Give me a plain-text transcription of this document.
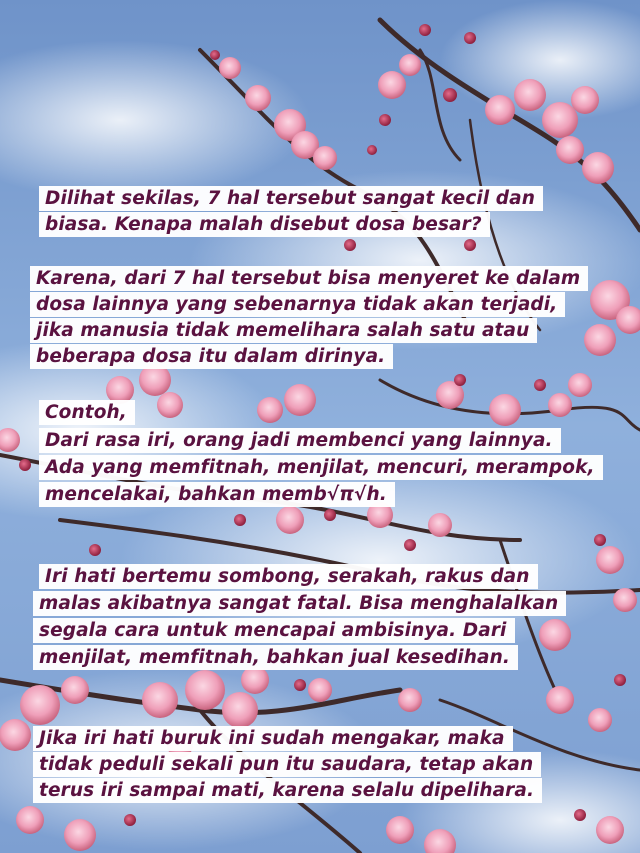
Dilihat sekilas, 7 hal tersebut sangat kecil dan
biasa. Kenapa malah disebut dosa besar?
Karena, dari 7 hal tersebut bisa menyeret ke dalam
dosa lainnya yang sebenarnya tidak akan terjadi,
jika manusia tidak memelihara salah satu atau
beberapa dosa itu dalam dirinya.
Contoh,
Dari rasa iri, orang jadi membenci yang lainnya.
Ada yang memfitnah, menjilat, mencuri, merampok,
mencelakai, bahkan memb√π√h.
Iri hati bertemu sombong, serakah, rakus dan
malas akibatnya sangat fatal. Bisa menghalalkan
segala cara untuk mencapai ambisinya. Dari
menjilat, memfitnah, bahkan jual kesedihan.
Jika iri hati buruk ini sudah mengakar, maka
tidak peduli sekali pun itu saudara, tetap akan
terus iri sampai mati, karena selalu dipelihara.
